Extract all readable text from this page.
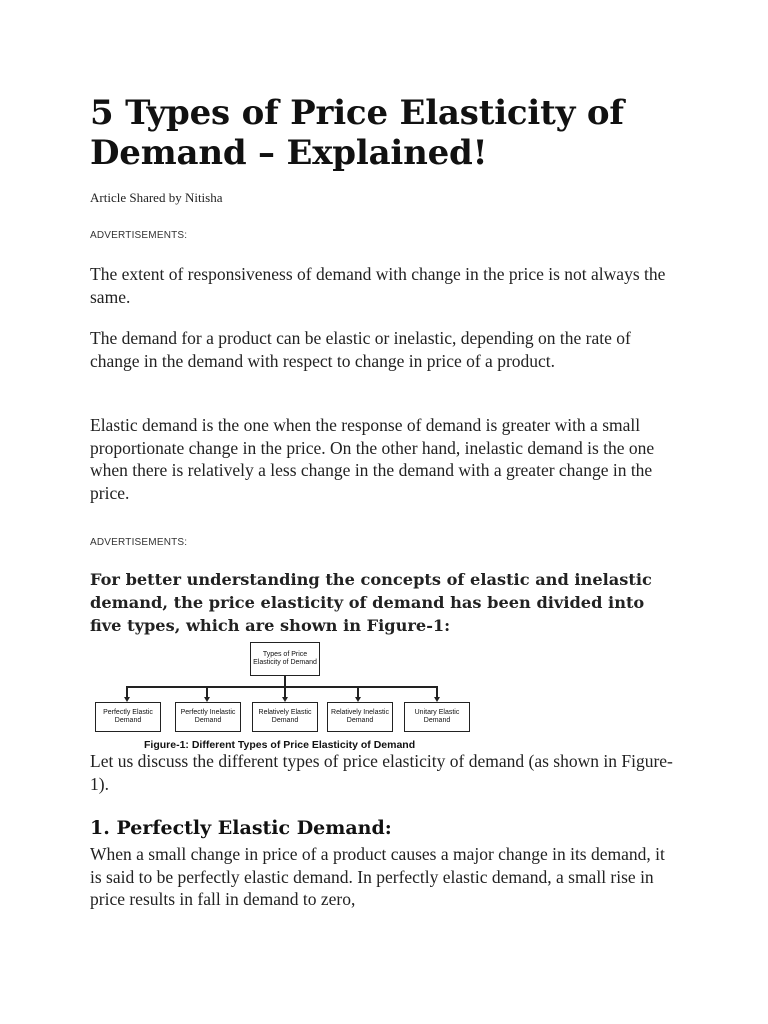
5 Types of Price Elasticity of Demand – Explained!

Article Shared by Nitisha

ADVERTISEMENTS:

The extent of responsiveness of demand with change in the price is not always the same.

The demand for a product can be elastic or inelastic, depending on the rate of change in the demand with respect to change in price of a product.

Elastic demand is the one when the response of demand is greater with a small proportionate change in the price. On the other hand, inelastic demand is the one when there is relatively a less change in the demand with a greater change in the price.

ADVERTISEMENTS:

For better understanding the concepts of elastic and inelastic demand, the price elasticity of demand has been divided into five types, which are shown in Figure-1:

Types of Price Elasticity of Demand
Perfectly Elastic Demand
Perfectly Inelastic Demand
Relatively Elastic Demand
Relatively Inelastic Demand
Unitary Elastic Demand
Figure-1: Different Types of Price Elasticity of Demand

Let us discuss the different types of price elasticity of demand (as shown in Figure-1).

1. Perfectly Elastic Demand:

When a small change in price of a product causes a major change in its demand, it is said to be perfectly elastic demand. In perfectly elastic demand, a small rise in price results in fall in demand to zero,
